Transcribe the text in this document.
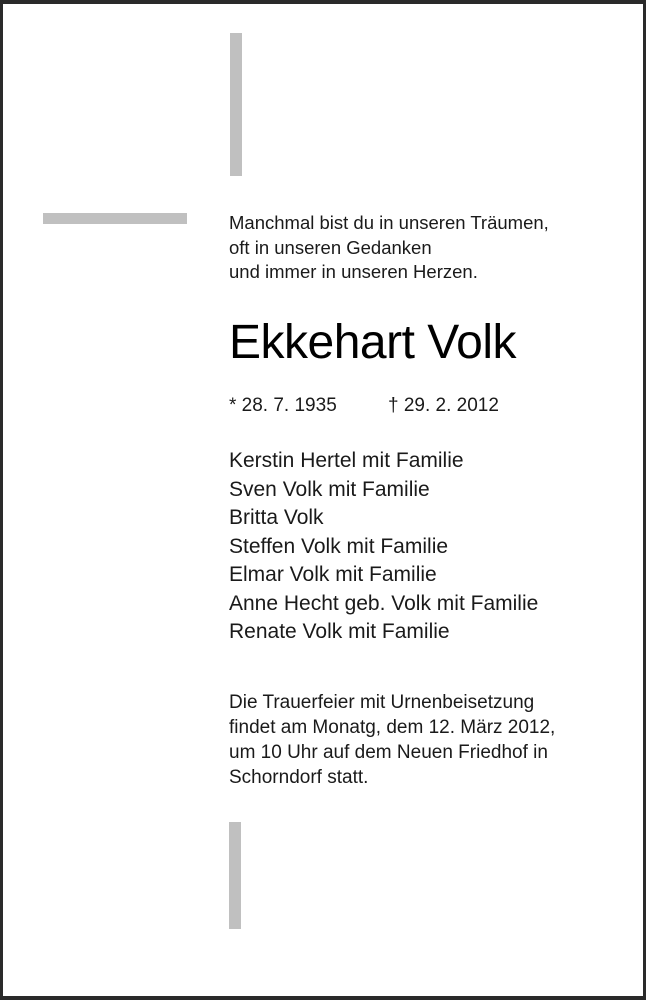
Manchmal bist du in unseren Träumen,
oft in unseren Gedanken
und immer in unseren Herzen.
Ekkehart Volk
* 28. 7. 1935	† 29. 2. 2012
Kerstin Hertel mit Familie
Sven Volk mit Familie
Britta Volk
Steffen Volk mit Familie
Elmar Volk mit Familie
Anne Hecht geb. Volk mit Familie
Renate Volk mit Familie
Die Trauerfeier mit Urnenbeisetzung
findet am Monatg, dem 12. März 2012,
um 10 Uhr auf dem Neuen Friedhof in
Schorndorf statt.
